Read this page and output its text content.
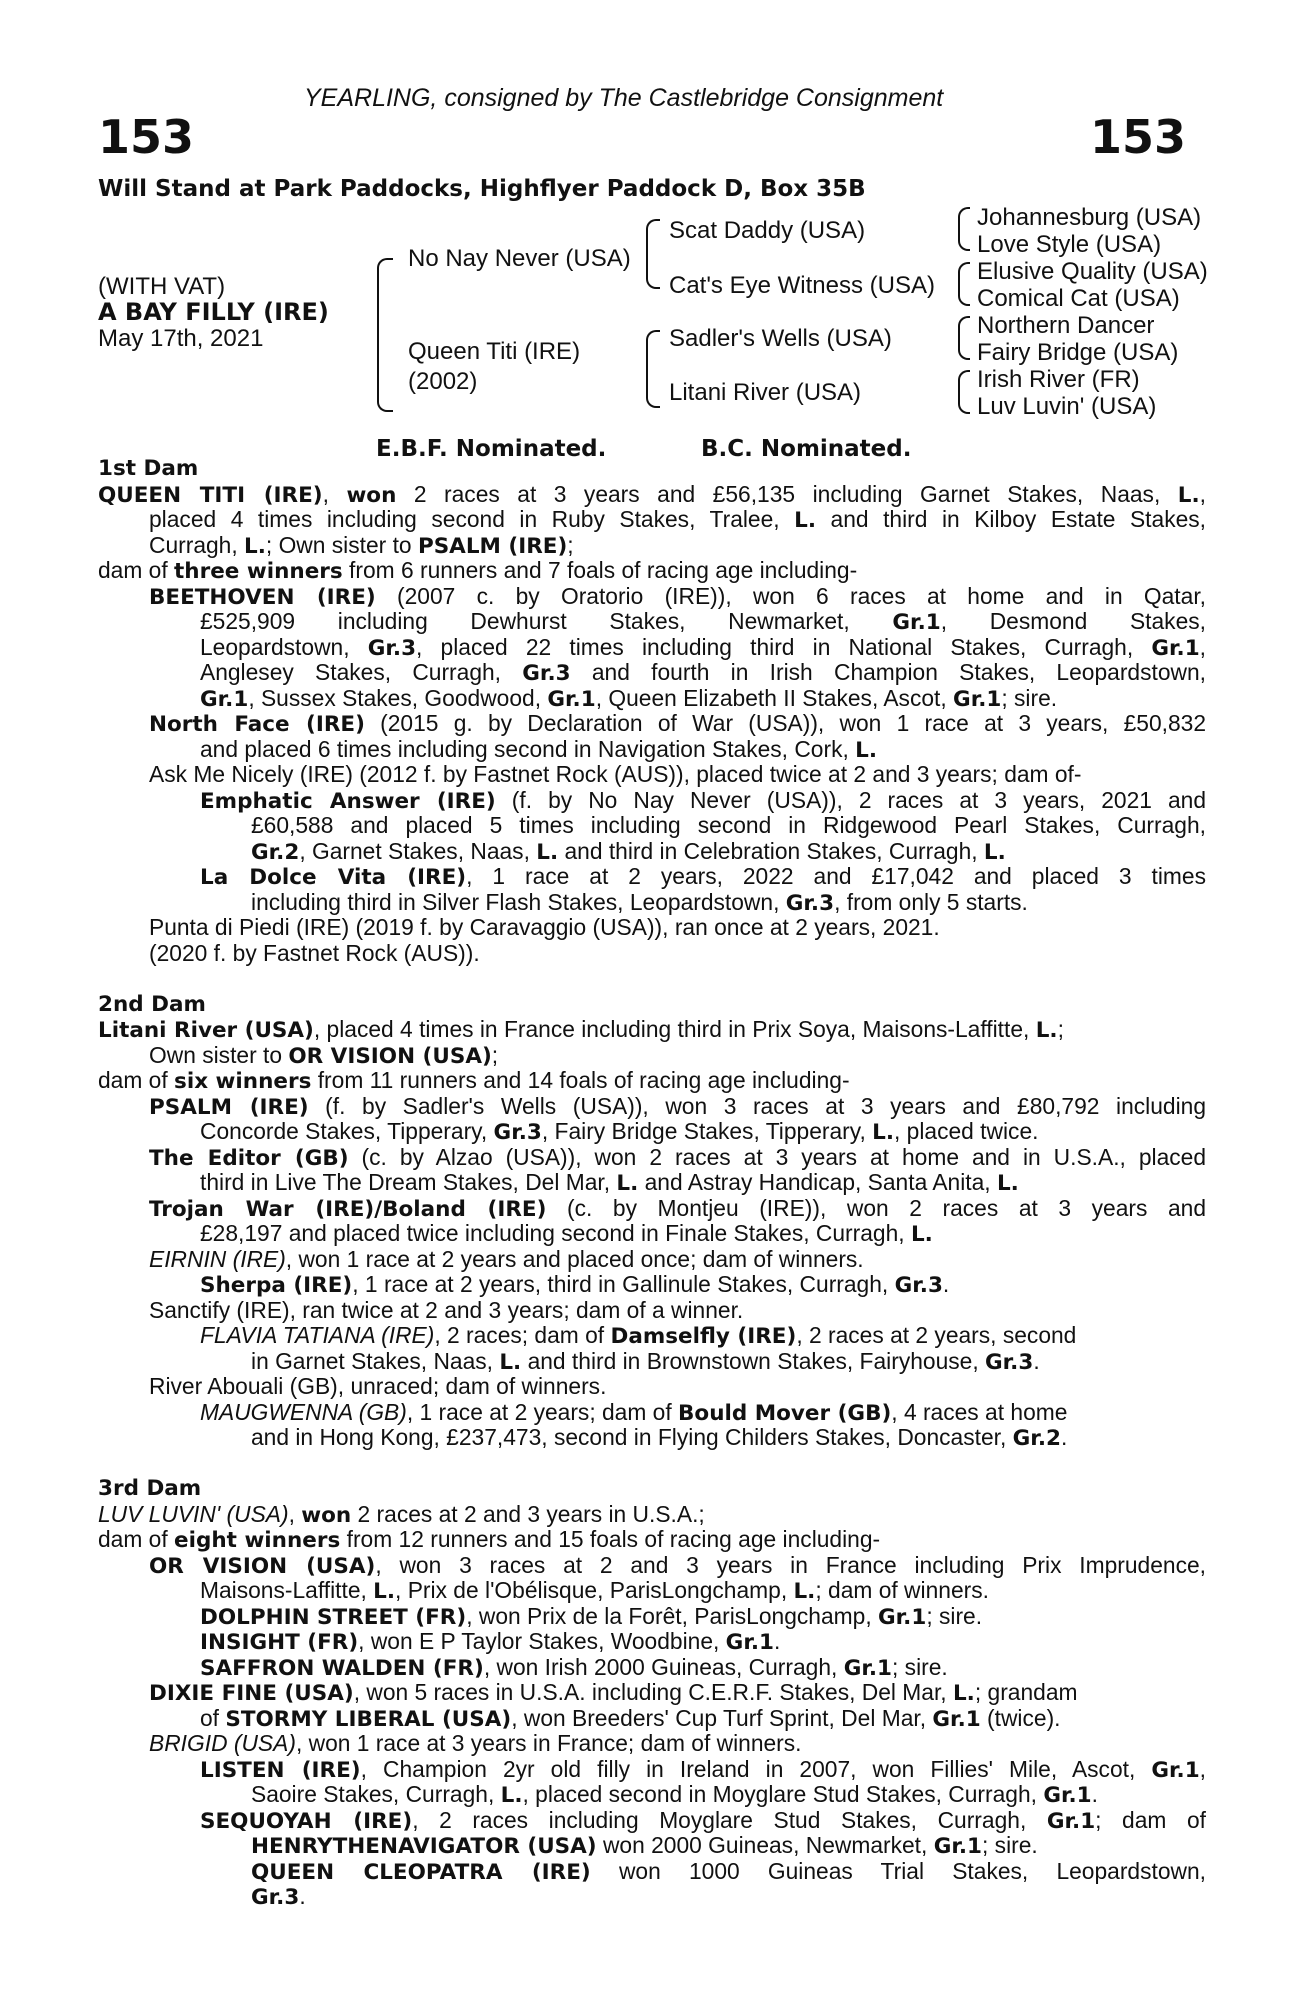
YEARLING, consigned by The Castlebridge Consignment
153	153
Will Stand at Park Paddocks, Highflyer Paddock D, Box 35B
(WITH VAT)
A BAY FILLY (IRE)
May 17th, 2021
No Nay Never (USA)
Queen Titi (IRE)
(2002)
Scat Daddy (USA)
Cat's Eye Witness (USA)
Sadler's Wells (USA)
Litani River (USA)
Johannesburg (USA)
Love Style (USA)
Elusive Quality (USA)
Comical Cat (USA)
Northern Dancer
Fairy Bridge (USA)
Irish River (FR)
Luv Luvin' (USA)
E.B.F. Nominated.	B.C. Nominated.
1st Dam
QUEEN TITI (IRE), won 2 races at 3 years and £56,135 including Garnet Stakes, Naas, L.,
placed 4 times including second in Ruby Stakes, Tralee, L. and third in Kilboy Estate Stakes,
Curragh, L.; Own sister to PSALM (IRE);
dam of three winners from 6 runners and 7 foals of racing age including-
BEETHOVEN (IRE) (2007 c. by Oratorio (IRE)), won 6 races at home and in Qatar,
£525,909 including Dewhurst Stakes, Newmarket, Gr.1, Desmond Stakes,
Leopardstown, Gr.3, placed 22 times including third in National Stakes, Curragh, Gr.1,
Anglesey Stakes, Curragh, Gr.3 and fourth in Irish Champion Stakes, Leopardstown,
Gr.1, Sussex Stakes, Goodwood, Gr.1, Queen Elizabeth II Stakes, Ascot, Gr.1; sire.
North Face (IRE) (2015 g. by Declaration of War (USA)), won 1 race at 3 years, £50,832
and placed 6 times including second in Navigation Stakes, Cork, L.
Ask Me Nicely (IRE) (2012 f. by Fastnet Rock (AUS)), placed twice at 2 and 3 years; dam of-
Emphatic Answer (IRE) (f. by No Nay Never (USA)), 2 races at 3 years, 2021 and
£60,588 and placed 5 times including second in Ridgewood Pearl Stakes, Curragh,
Gr.2, Garnet Stakes, Naas, L. and third in Celebration Stakes, Curragh, L.
La Dolce Vita (IRE), 1 race at 2 years, 2022 and £17,042 and placed 3 times
including third in Silver Flash Stakes, Leopardstown, Gr.3, from only 5 starts.
Punta di Piedi (IRE) (2019 f. by Caravaggio (USA)), ran once at 2 years, 2021.
(2020 f. by Fastnet Rock (AUS)).
2nd Dam
Litani River (USA), placed 4 times in France including third in Prix Soya, Maisons-Laffitte, L.;
Own sister to OR VISION (USA);
dam of six winners from 11 runners and 14 foals of racing age including-
PSALM (IRE) (f. by Sadler's Wells (USA)), won 3 races at 3 years and £80,792 including
Concorde Stakes, Tipperary, Gr.3, Fairy Bridge Stakes, Tipperary, L., placed twice.
The Editor (GB) (c. by Alzao (USA)), won 2 races at 3 years at home and in U.S.A., placed
third in Live The Dream Stakes, Del Mar, L. and Astray Handicap, Santa Anita, L.
Trojan War (IRE)/Boland (IRE) (c. by Montjeu (IRE)), won 2 races at 3 years and
£28,197 and placed twice including second in Finale Stakes, Curragh, L.
EIRNIN (IRE), won 1 race at 2 years and placed once; dam of winners.
Sherpa (IRE), 1 race at 2 years, third in Gallinule Stakes, Curragh, Gr.3.
Sanctify (IRE), ran twice at 2 and 3 years; dam of a winner.
FLAVIA TATIANA (IRE), 2 races; dam of Damselfly (IRE), 2 races at 2 years, second
in Garnet Stakes, Naas, L. and third in Brownstown Stakes, Fairyhouse, Gr.3.
River Abouali (GB), unraced; dam of winners.
MAUGWENNA (GB), 1 race at 2 years; dam of Bould Mover (GB), 4 races at home
and in Hong Kong, £237,473, second in Flying Childers Stakes, Doncaster, Gr.2.
3rd Dam
LUV LUVIN' (USA), won 2 races at 2 and 3 years in U.S.A.;
dam of eight winners from 12 runners and 15 foals of racing age including-
OR VISION (USA), won 3 races at 2 and 3 years in France including Prix Imprudence,
Maisons-Laffitte, L., Prix de l'Obélisque, ParisLongchamp, L.; dam of winners.
DOLPHIN STREET (FR), won Prix de la Forêt, ParisLongchamp, Gr.1; sire.
INSIGHT (FR), won E P Taylor Stakes, Woodbine, Gr.1.
SAFFRON WALDEN (FR), won Irish 2000 Guineas, Curragh, Gr.1; sire.
DIXIE FINE (USA), won 5 races in U.S.A. including C.E.R.F. Stakes, Del Mar, L.; grandam
of STORMY LIBERAL (USA), won Breeders' Cup Turf Sprint, Del Mar, Gr.1 (twice).
BRIGID (USA), won 1 race at 3 years in France; dam of winners.
LISTEN (IRE), Champion 2yr old filly in Ireland in 2007, won Fillies' Mile, Ascot, Gr.1,
Saoire Stakes, Curragh, L., placed second in Moyglare Stud Stakes, Curragh, Gr.1.
SEQUOYAH (IRE), 2 races including Moyglare Stud Stakes, Curragh, Gr.1; dam of
HENRYTHENAVIGATOR (USA) won 2000 Guineas, Newmarket, Gr.1; sire.
QUEEN CLEOPATRA (IRE) won 1000 Guineas Trial Stakes, Leopardstown,
Gr.3.
